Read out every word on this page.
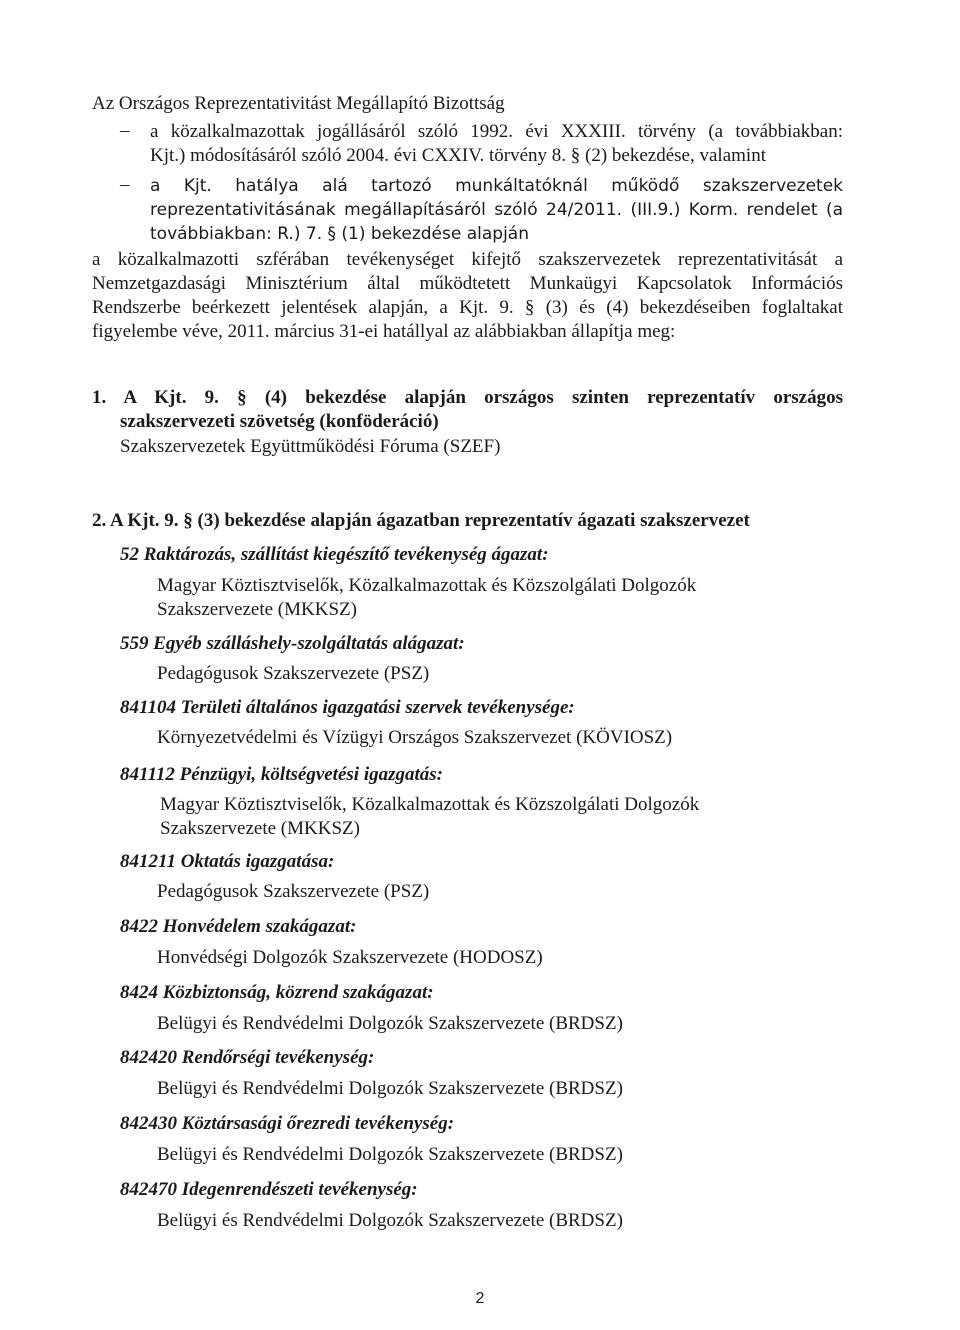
Az Országos Reprezentativitást Megállapító Bizottság
– a közalkalmazottak jogállásáról szóló 1992. évi XXXIII. törvény (a továbbiakban:
Kjt.) módosításáról szóló 2004. évi CXXIV. törvény 8. § (2) bekezdése, valamint
– a Kjt. hatálya alá tartozó munkáltatóknál működő szakszervezetek
reprezentativitásának megállapításáról szóló 24/2011. (III.9.) Korm. rendelet (a
továbbiakban: R.) 7. § (1) bekezdése alapján
a közalkalmazotti szférában tevékenységet kifejtő szakszervezetek reprezentativitását a
Nemzetgazdasági Minisztérium által működtetett Munkaügyi Kapcsolatok Információs
Rendszerbe beérkezett jelentések alapján, a Kjt. 9. § (3) és (4) bekezdéseiben foglaltakat
figyelembe véve, 2011. március 31-ei hatállyal az alábbiakban állapítja meg:
1. A Kjt. 9. § (4) bekezdése alapján országos szinten reprezentatív országos
szakszervezeti szövetség (konföderáció)
Szakszervezetek Együttműködési Fóruma (SZEF)
2. A Kjt. 9. § (3) bekezdése alapján ágazatban reprezentatív ágazati szakszervezet
52 Raktározás, szállítást kiegészítő tevékenység ágazat:
Magyar Köztisztviselők, Közalkalmazottak és Közszolgálati Dolgozók
Szakszervezete (MKKSZ)
559 Egyéb szálláshely-szolgáltatás alágazat:
Pedagógusok Szakszervezete (PSZ)
841104 Területi általános igazgatási szervek tevékenysége:
Környezetvédelmi és Vízügyi Országos Szakszervezet (KÖVIOSZ)
841112 Pénzügyi, költségvetési igazgatás:
Magyar Köztisztviselők, Közalkalmazottak és Közszolgálati Dolgozók
Szakszervezete (MKKSZ)
841211 Oktatás igazgatása:
Pedagógusok Szakszervezete (PSZ)
8422 Honvédelem szakágazat:
Honvédségi Dolgozók Szakszervezete (HODOSZ)
8424 Közbiztonság, közrend szakágazat:
Belügyi és Rendvédelmi Dolgozók Szakszervezete (BRDSZ)
842420 Rendőrségi tevékenység:
Belügyi és Rendvédelmi Dolgozók Szakszervezete (BRDSZ)
842430 Köztársasági őrezredi tevékenység:
Belügyi és Rendvédelmi Dolgozók Szakszervezete (BRDSZ)
842470 Idegenrendészeti tevékenység:
Belügyi és Rendvédelmi Dolgozók Szakszervezete (BRDSZ)
2
